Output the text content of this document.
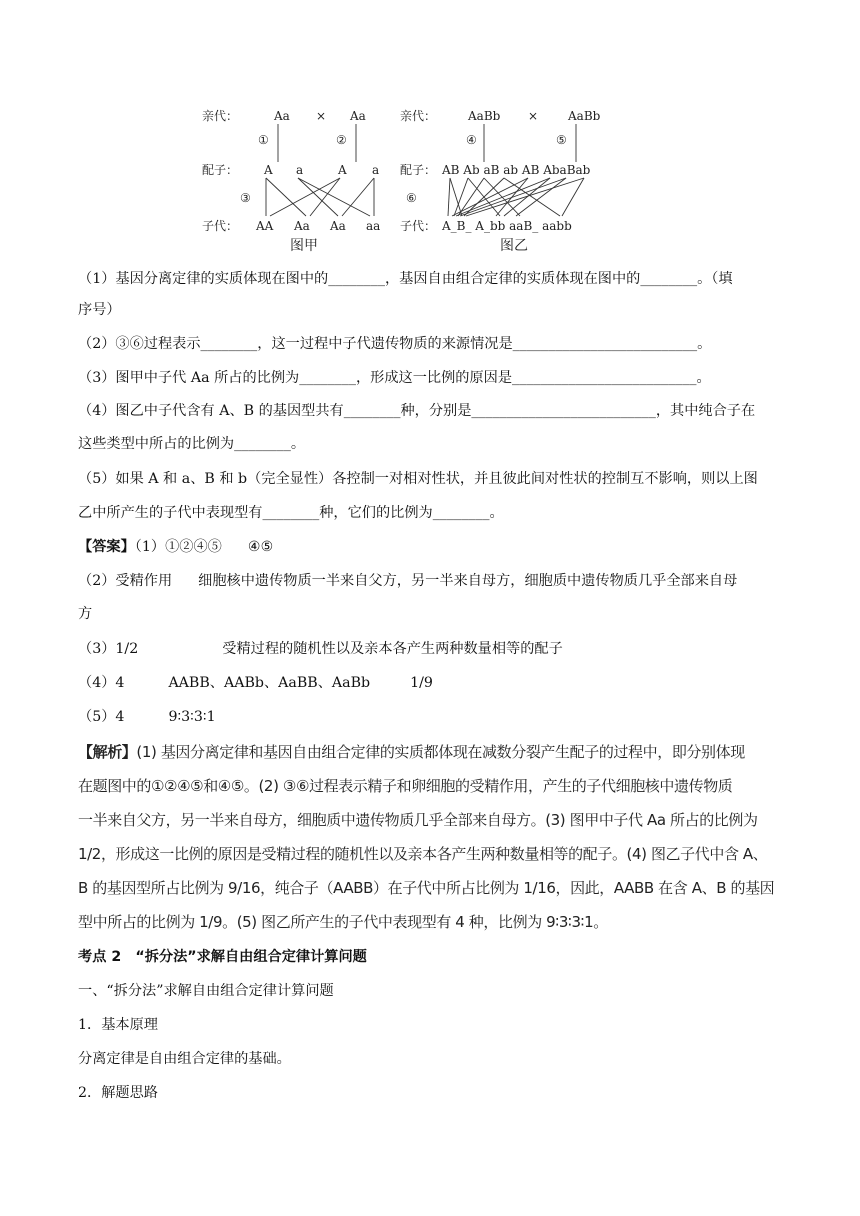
亲代：	Aa × Aa
①	②
配子： A a	A a
③
子代： AA Aa Aa aa
图甲
亲代：	AaBb × AaBb
④	⑤
配子： AB Ab aB ab AB AbaBab
⑥
子代： A_B_ A_bb aaB_ aabb
图乙
（1）基因分离定律的实质体现在图中的________，基因自由组合定律的实质体现在图中的________。（填
序号）
（2）③⑥过程表示________，这一过程中子代遗传物质的来源情况是__________________________。
（3）图甲中子代 Aa 所占的比例为________，形成这一比例的原因是__________________________。
（4）图乙中子代含有 A、B 的基因型共有________种，分别是__________________________，其中纯合子在
这些类型中所占的比例为________。
（5）如果 A 和 a、B 和 b（完全显性）各控制一对相对性状，并且彼此间对性状的控制互不影响，则以上图
乙中所产生的子代中表现型有________种，它们的比例为________。
【答案】（1）①②④⑤ ④⑤
（2）受精作用 细胞核中遗传物质一半来自父方，另一半来自母方，细胞质中遗传物质几乎全部来自母
方
（3）1/2	受精过程的随机性以及亲本各产生两种数量相等的配子
（4）4	AABB、AABb、AaBB、AaBb	1/9
（5）4	9∶3∶3∶1
【解析】(1) 基因分离定律和基因自由组合定律的实质都体现在减数分裂产生配子的过程中，即分别体现
在题图中的①②④⑤和④⑤。(2) ③⑥过程表示精子和卵细胞的受精作用，产生的子代细胞核中遗传物质
一半来自父方，另一半来自母方，细胞质中遗传物质几乎全部来自母方。(3) 图甲中子代 Aa 所占的比例为
1/2，形成这一比例的原因是受精过程的随机性以及亲本各产生两种数量相等的配子。(4) 图乙子代中含 A、
B 的基因型所占比例为 9/16，纯合子（AABB）在子代中所占比例为 1/16，因此，AABB 在含 A、B 的基因
型中所占的比例为 1/9。(5) 图乙所产生的子代中表现型有 4 种，比例为 9∶3∶3∶1。
考点 2　“拆分法”求解自由组合定律计算问题
一、“拆分法”求解自由组合定律计算问题
1．基本原理
分离定律是自由组合定律的基础。
2．解题思路
